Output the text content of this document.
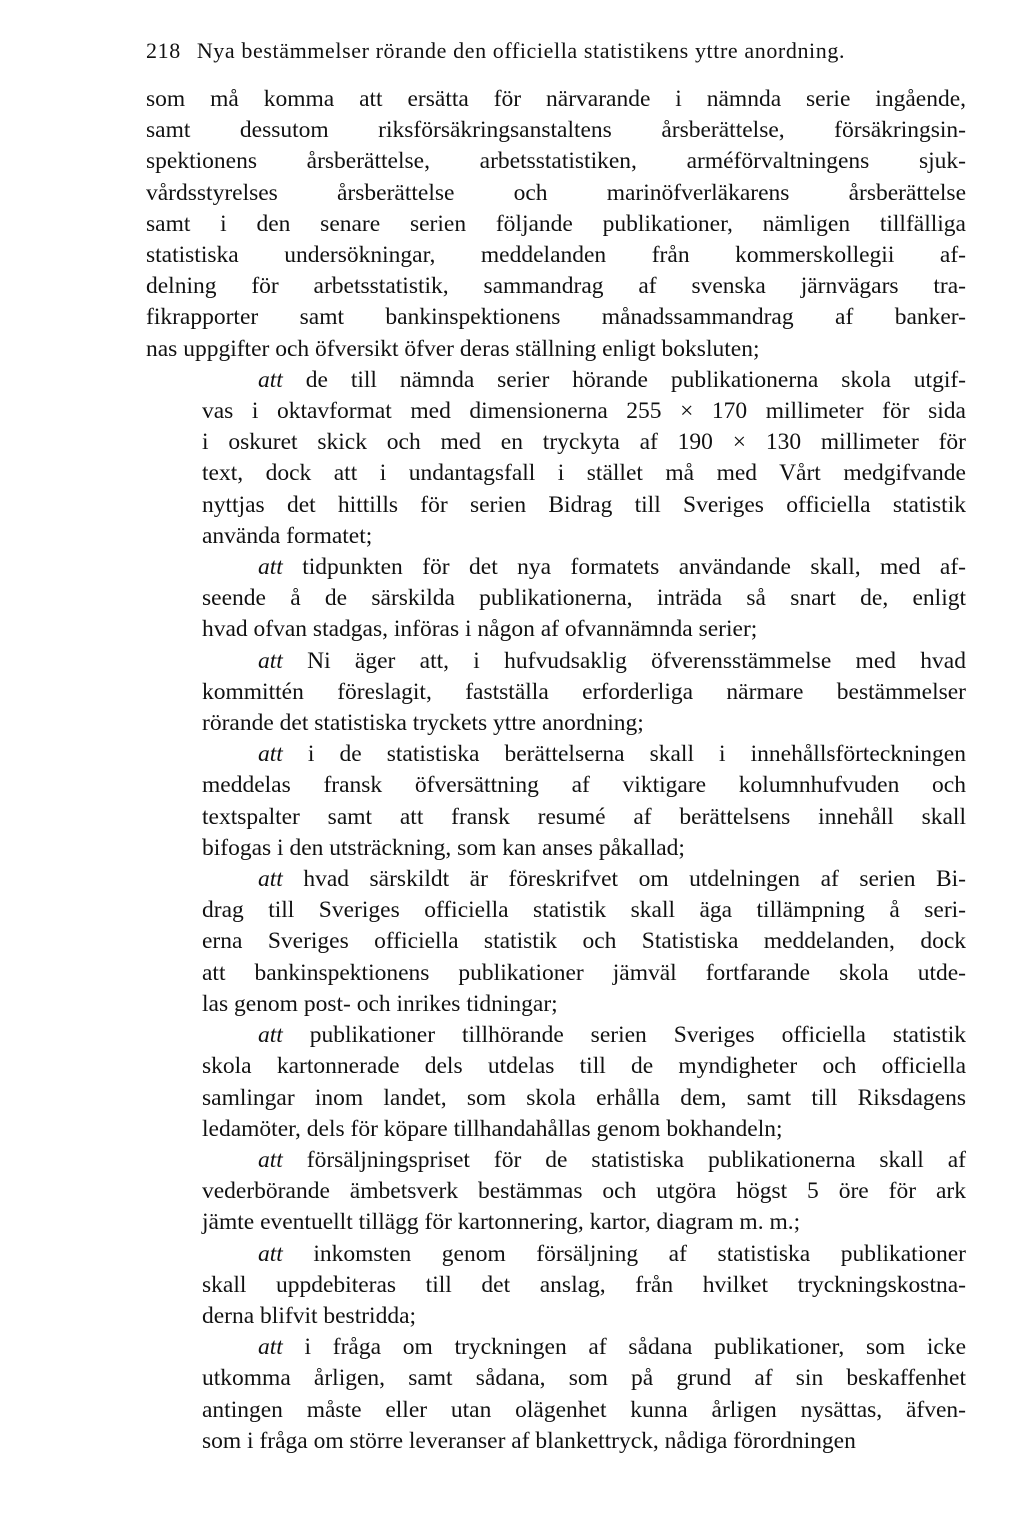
218 Nya bestämmelser rörande den officiella statistikens yttre anordning.
som må komma att ersätta för närvarande i nämnda serie ingående,
samt dessutom riksförsäkringsanstaltens årsberättelse, försäkringsin-
spektionens årsberättelse, arbetsstatistiken, arméförvaltningens sjuk-
vårdsstyrelses årsberättelse och marinöfverläkarens årsberättelse
samt i den senare serien följande publikationer, nämligen tillfälliga
statistiska undersökningar, meddelanden från kommerskollegii af-
delning för arbetsstatistik, sammandrag af svenska järnvägars tra-
fikrapporter samt bankinspektionens månadssammandrag af banker-
nas uppgifter och öfversikt öfver deras ställning enligt boksluten;
att de till nämnda serier hörande publikationerna skola utgif-
vas i oktavformat med dimensionerna 255 × 170 millimeter för sida
i oskuret skick och med en tryckyta af 190 × 130 millimeter för
text, dock att i undantagsfall i stället må med Vårt medgifvande
nyttjas det hittills för serien Bidrag till Sveriges officiella statistik
använda formatet;
att tidpunkten för det nya formatets användande skall, med af-
seende å de särskilda publikationerna, inträda så snart de, enligt
hvad ofvan stadgas, införas i någon af ofvannämnda serier;
att Ni äger att, i hufvudsaklig öfverensstämmelse med hvad
kommittén föreslagit, fastställa erforderliga närmare bestämmelser
rörande det statistiska tryckets yttre anordning;
att i de statistiska berättelserna skall i innehållsförteckningen
meddelas fransk öfversättning af viktigare kolumnhufvuden och
textspalter samt att fransk resumé af berättelsens innehåll skall
bifogas i den utsträckning, som kan anses påkallad;
att hvad särskildt är föreskrifvet om utdelningen af serien Bi-
drag till Sveriges officiella statistik skall äga tillämpning å seri-
erna Sveriges officiella statistik och Statistiska meddelanden, dock
att bankinspektionens publikationer jämväl fortfarande skola utde-
las genom post- och inrikes tidningar;
att publikationer tillhörande serien Sveriges officiella statistik
skola kartonnerade dels utdelas till de myndigheter och officiella
samlingar inom landet, som skola erhålla dem, samt till Riksdagens
ledamöter, dels för köpare tillhandahållas genom bokhandeln;
att försäljningspriset för de statistiska publikationerna skall af
vederbörande ämbetsverk bestämmas och utgöra högst 5 öre för ark
jämte eventuellt tillägg för kartonnering, kartor, diagram m. m.;
att inkomsten genom försäljning af statistiska publikationer
skall uppdebiteras till det anslag, från hvilket tryckningskostna-
derna blifvit bestridda;
att i fråga om tryckningen af sådana publikationer, som icke
utkomma årligen, samt sådana, som på grund af sin beskaffenhet
antingen måste eller utan olägenhet kunna årligen nysättas, äfven-
som i fråga om större leveranser af blankettryck, nådiga förordningen
